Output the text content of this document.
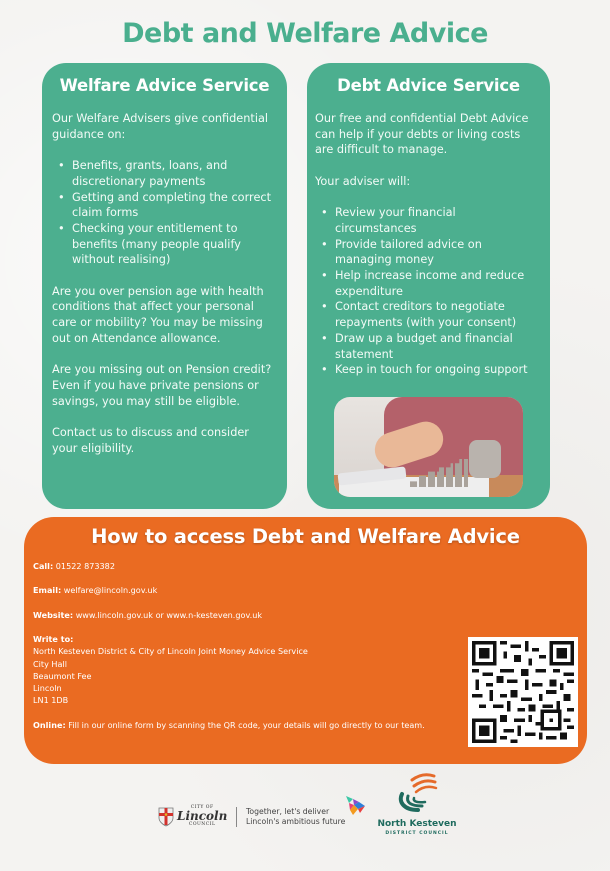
Debt and Welfare Advice
Welfare Advice Service

Our Welfare Advisers give confidential guidance on:

• Benefits, grants, loans, and discretionary payments
• Getting and completing the correct claim forms
• Checking your entitlement to benefits (many people qualify without realising)

Are you over pension age with health conditions that affect your personal care or mobility? You may be missing out on Attendance allowance.

Are you missing out on Pension credit? Even if you have private pensions or savings, you may still be eligible.

Contact us to discuss and consider your eligibility.

Debt Advice Service

Our free and confidential Debt Advice can help if your debts or living costs are difficult to manage.

Your adviser will:

• Review your financial circumstances
• Provide tailored advice on managing money
• Help increase income and reduce expenditure
• Contact creditors to negotiate repayments (with your consent)
• Draw up a budget and financial statement
• Keep in touch for ongoing support
How to access Debt and Welfare Advice
Call: 01522 873382
Email: welfare@lincoln.gov.uk
Website: www.lincoln.gov.uk or www.n-kesteven.gov.uk
Write to:
North Kesteven District & City of Lincoln Joint Money Advice Service
City Hall
Beaumont Fee
Lincoln
LN1 1DB
Online: Fill in our online form by scanning the QR code, your details will go directly to our team.
CITY OF
Lincoln
COUNCIL
Together, let's deliver
Lincoln's ambitious future	North Kesteven
DISTRICT COUNCIL
